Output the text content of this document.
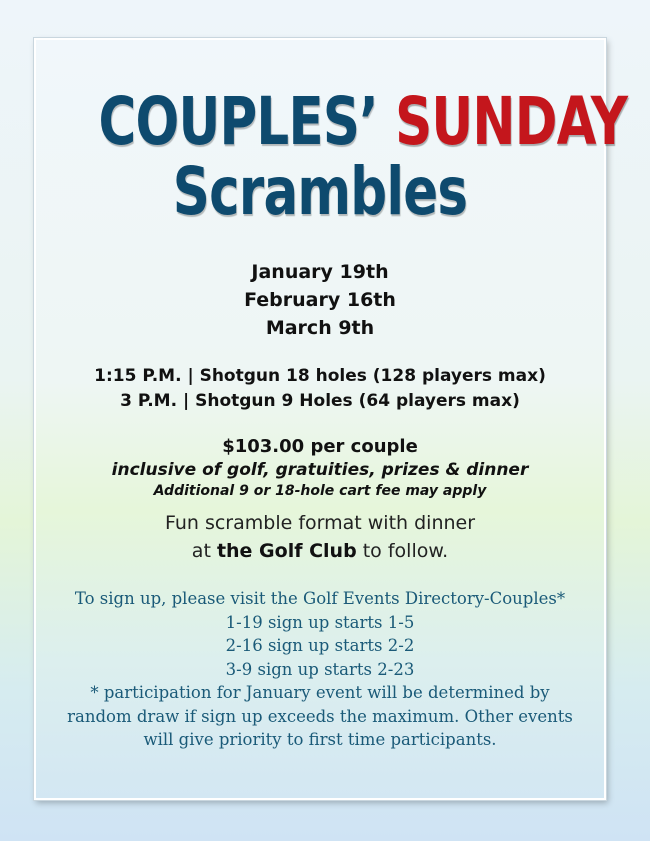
COUPLES’ SUNDAY
Scrambles
January 19th
February 16th
March 9th
1:15 P.M. | Shotgun 18 holes (128 players max)
3 P.M. | Shotgun 9 Holes (64 players max)
$103.00 per couple
inclusive of golf, gratuities, prizes & dinner
Additional 9 or 18-hole cart fee may apply
Fun scramble format with dinner
at the Golf Club to follow.
To sign up, please visit the Golf Events Directory-Couples*
1-19 sign up starts 1-5
2-16 sign up starts 2-2
3-9 sign up starts 2-23
* participation for January event will be determined by
random draw if sign up exceeds the maximum. Other events
will give priority to first time participants.
